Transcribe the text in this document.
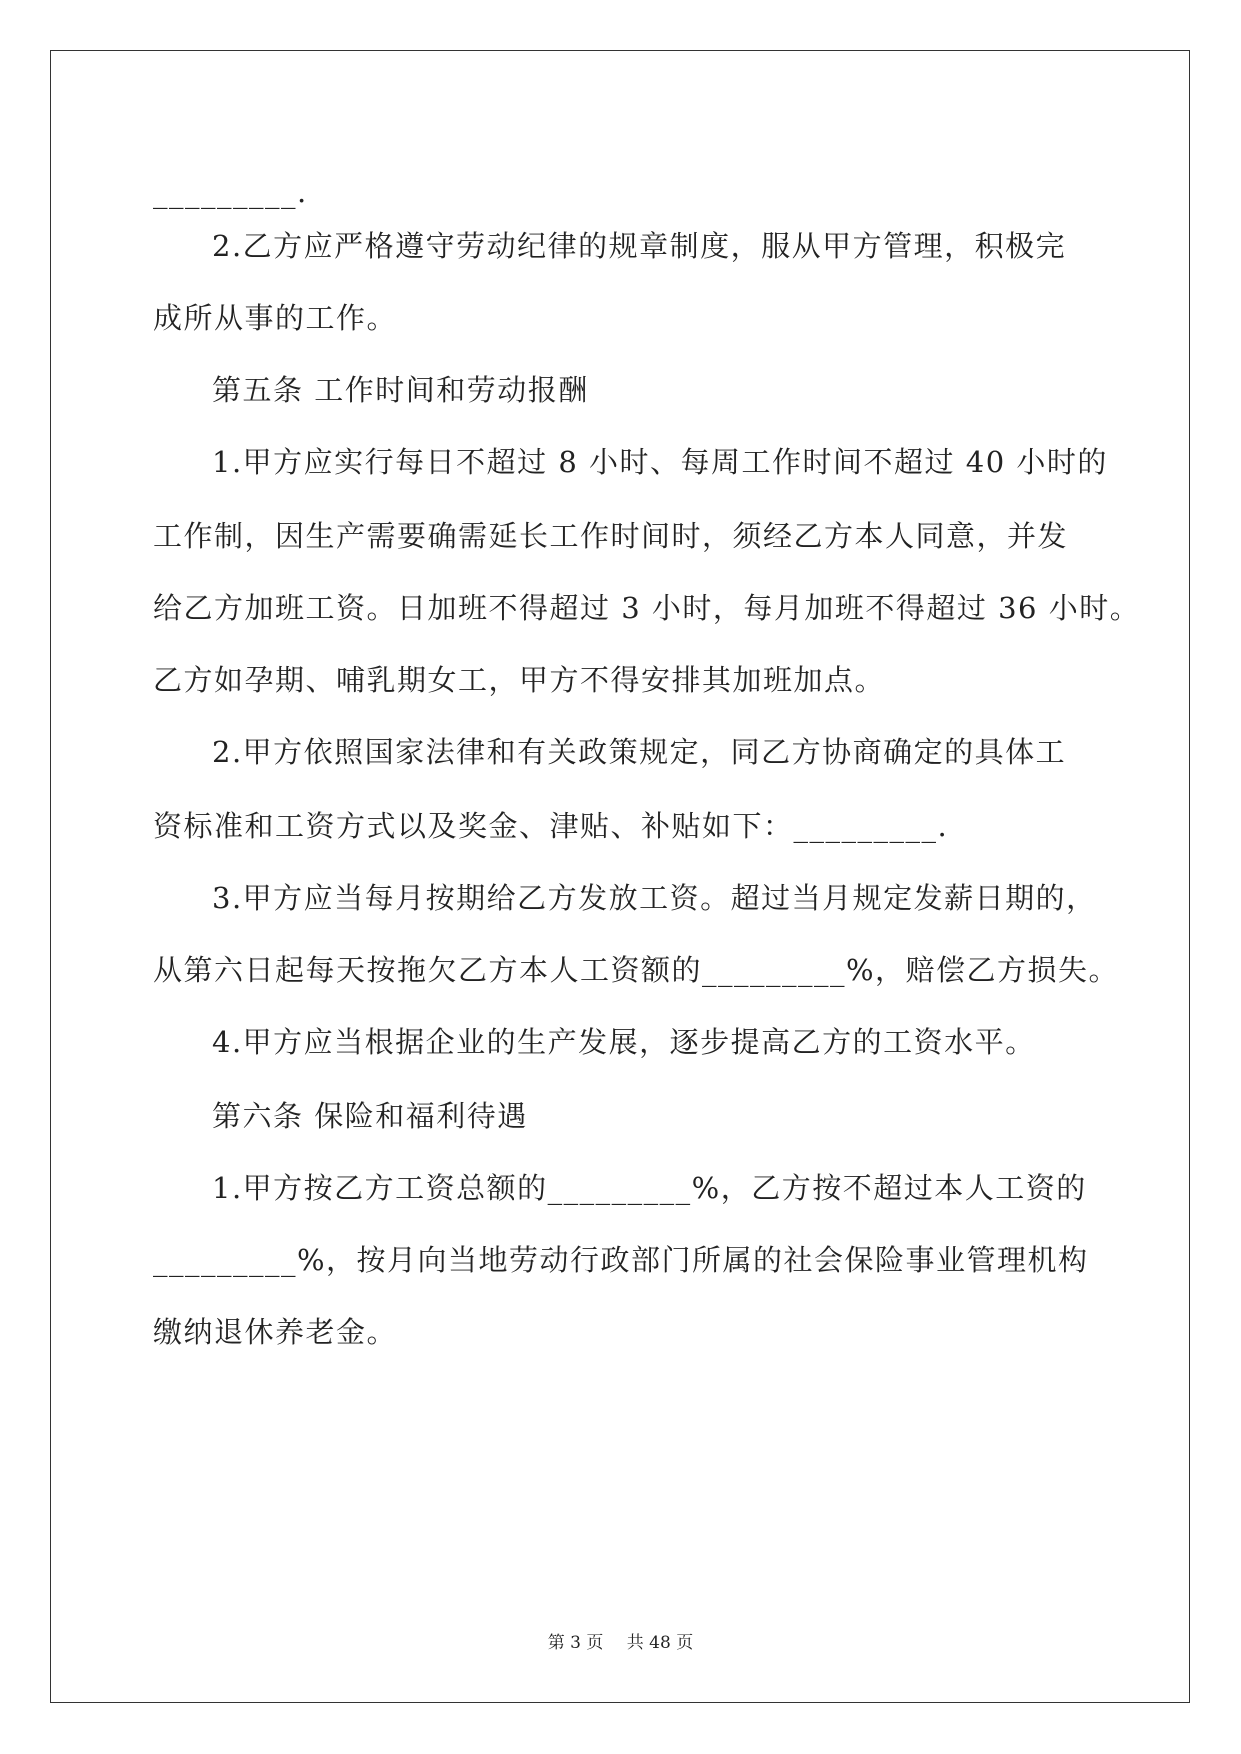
_________.
2.乙方应严格遵守劳动纪律的规章制度，服从甲方管理，积极完
成所从事的工作。
第五条 工作时间和劳动报酬
1.甲方应实行每日不超过 8 小时、每周工作时间不超过 40 小时的
工作制，因生产需要确需延长工作时间时，须经乙方本人同意，并发
给乙方加班工资。日加班不得超过 3 小时，每月加班不得超过 36 小时。
乙方如孕期、哺乳期女工，甲方不得安排其加班加点。
2.甲方依照国家法律和有关政策规定，同乙方协商确定的具体工
资标准和工资方式以及奖金、津贴、补贴如下：_________.
3.甲方应当每月按期给乙方发放工资。超过当月规定发薪日期的，
从第六日起每天按拖欠乙方本人工资额的_________%，赔偿乙方损失。
4.甲方应当根据企业的生产发展，逐步提高乙方的工资水平。
第六条 保险和福利待遇
1.甲方按乙方工资总额的_________%，乙方按不超过本人工资的
_________%，按月向当地劳动行政部门所属的社会保险事业管理机构
缴纳退休养老金。
第 3 页 共 48 页
